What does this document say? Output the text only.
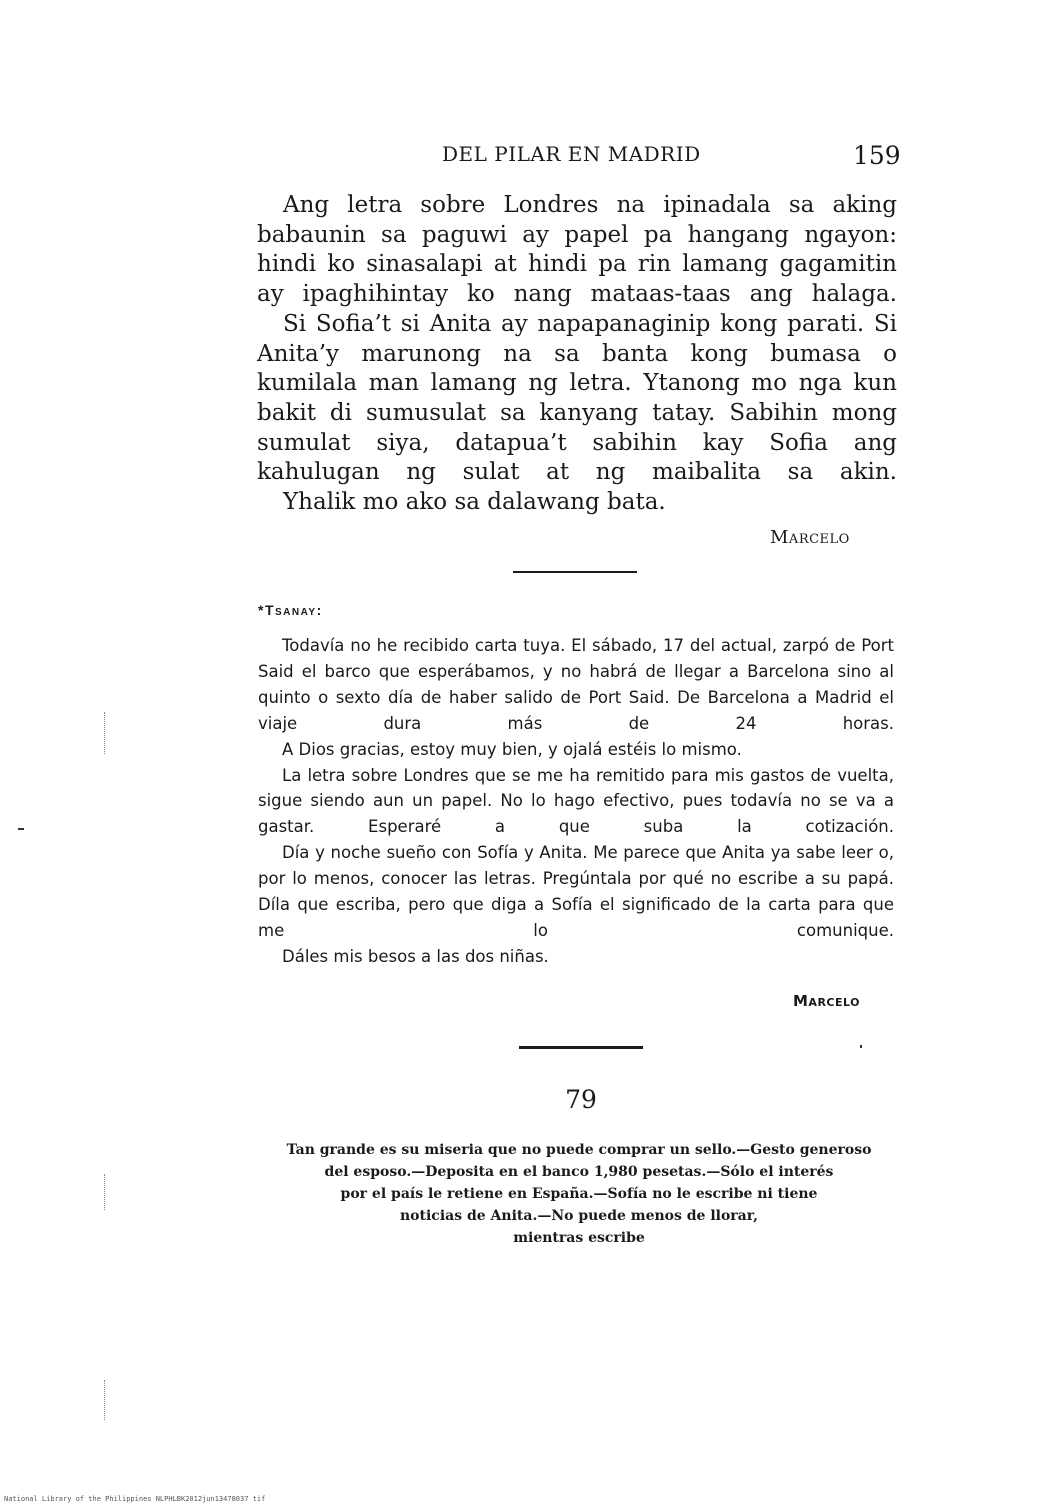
DEL PILAR EN MADRID	159

Ang letra sobre Londres na ipinadala sa aking babaunin sa paguwi ay papel pa hangang ngayon: hindi ko sinasalapi at hindi pa rin lamang gagamitin ay ipaghihintay ko nang mataas-taas ang halaga.

Si Sofia’t si Anita ay napapanaginip kong parati. Si Anita’y marunong na sa banta kong bumasa o kumilala man lamang ng letra. Ytanong mo nga kun bakit di sumusulat sa kanyang tatay. Sabihin mong sumulat siya, datapua’t sabihin kay Sofia ang kahulugan ng sulat at ng maibalita sa akin.

Yhalik mo ako sa dalawang bata.

Marcelo
*Tsanay:

Todavía no he recibido carta tuya. El sábado, 17 del actual, zarpó de Port Said el barco que esperábamos, y no habrá de llegar a Barcelona sino al quinto o sexto día de haber salido de Port Said. De Barcelona a Madrid el viaje dura más de 24 horas.

A Dios gracias, estoy muy bien, y ojalá estéis lo mismo.

La letra sobre Londres que se me ha remitido para mis gastos de vuelta, sigue siendo aun un papel. No lo hago efectivo, pues todavía no se va a gastar. Esperaré a que suba la cotización.

Día y noche sueño con Sofía y Anita. Me parece que Anita ya sabe leer o, por lo menos, conocer las letras. Pregúntala por qué no escribe a su papá. Díla que escriba, pero que diga a Sofía el significado de la carta para que me lo comunique.

Dáles mis besos a las dos niñas.

Marcelo
79
Tan grande es su miseria que no puede comprar un sello.—Gesto generoso
del esposo.—Deposita en el banco 1,980 pesetas.—Sólo el interés
por el país le retiene en España.—Sofía no le escribe ni tiene
noticias de Anita.—No puede menos de llorar,
mientras escribe
National Library of the Philippines NLPHLBK2012jun13478037 tif
